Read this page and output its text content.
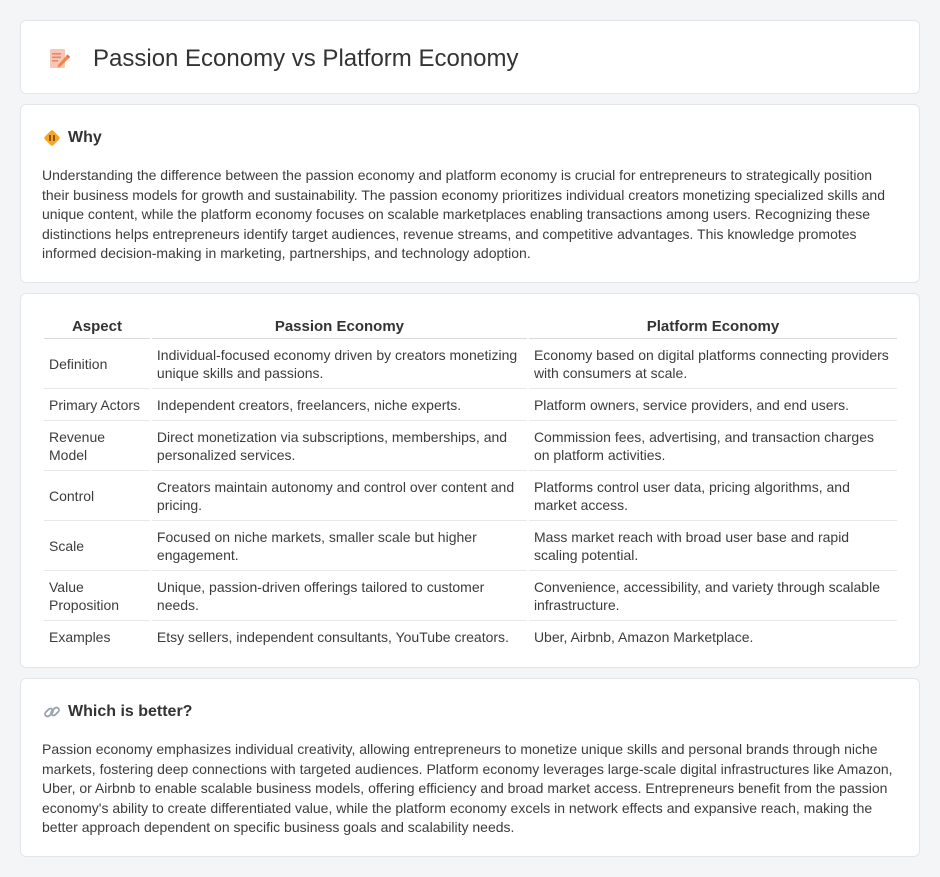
Passion Economy vs Platform Economy
Why

Understanding the difference between the passion economy and platform economy is crucial for entrepreneurs to strategically position their business models for growth and sustainability. The passion economy prioritizes individual creators monetizing specialized skills and unique content, while the platform economy focuses on scalable marketplaces enabling transactions among users. Recognizing these distinctions helps entrepreneurs identify target audiences, revenue streams, and competitive advantages. This knowledge promotes informed decision-making in marketing, partnerships, and technology adoption.

Aspect	Passion Economy	Platform Economy
Definition	Individual-focused economy driven by creators monetizing unique skills and passions.	Economy based on digital platforms connecting providers with consumers at scale.
Primary Actors	Independent creators, freelancers, niche experts.	Platform owners, service providers, and end users.
Revenue Model	Direct monetization via subscriptions, memberships, and personalized services.	Commission fees, advertising, and transaction charges on platform activities.
Control	Creators maintain autonomy and control over content and pricing.	Platforms control user data, pricing algorithms, and market access.
Scale	Focused on niche markets, smaller scale but higher engagement.	Mass market reach with broad user base and rapid scaling potential.
Value Proposition	Unique, passion-driven offerings tailored to customer needs.	Convenience, accessibility, and variety through scalable infrastructure.
Examples	Etsy sellers, independent consultants, YouTube creators.	Uber, Airbnb, Amazon Marketplace.
Which is better?

Passion economy emphasizes individual creativity, allowing entrepreneurs to monetize unique skills and personal brands through niche markets, fostering deep connections with targeted audiences. Platform economy leverages large-scale digital infrastructures like Amazon, Uber, or Airbnb to enable scalable business models, offering efficiency and broad market access. Entrepreneurs benefit from the passion economy's ability to create differentiated value, while the platform economy excels in network effects and expansive reach, making the better approach dependent on specific business goals and scalability needs.
